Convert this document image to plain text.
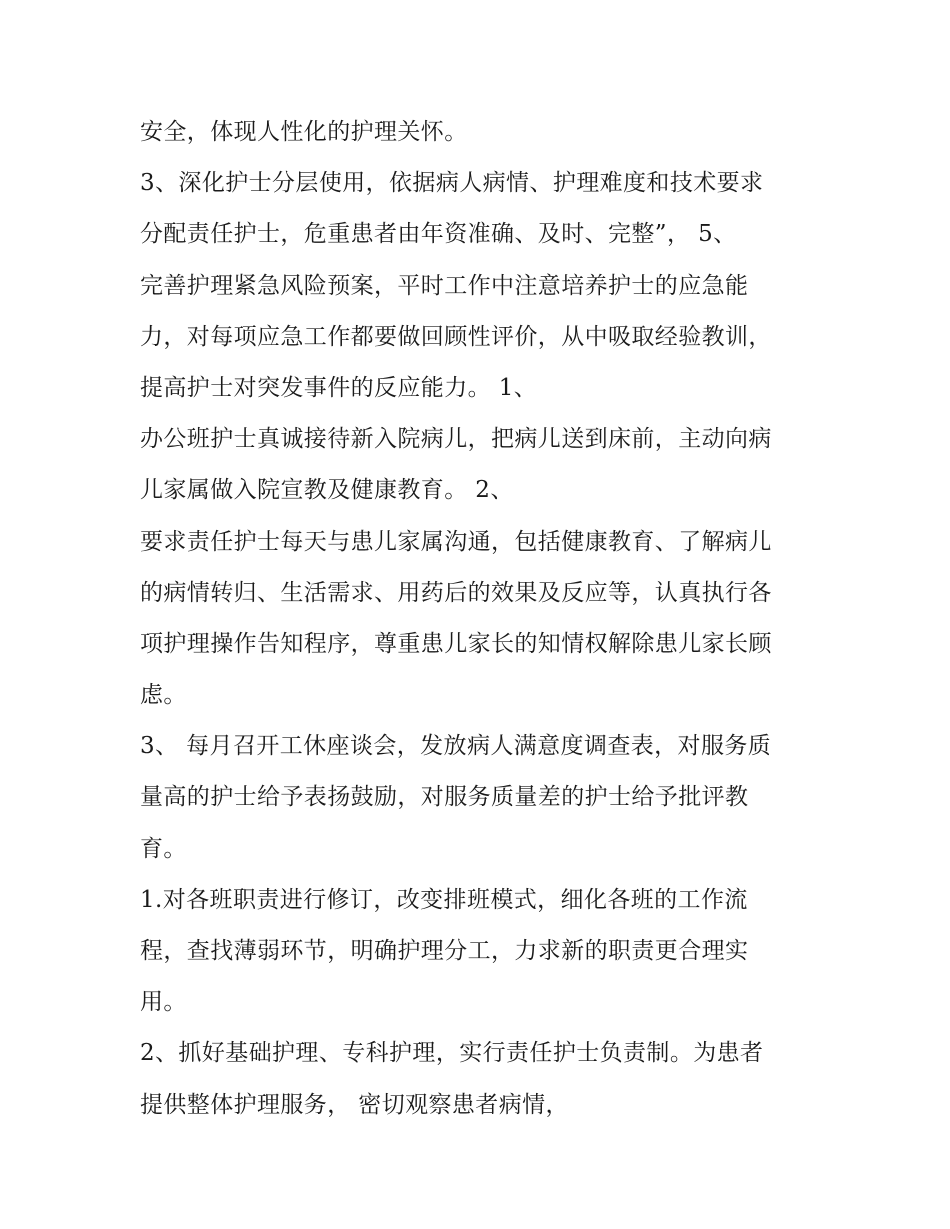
安全，体现人性化的护理关怀。
3、深化护士分层使用，依据病人病情、护理难度和技术要求
分配责任护士，危重患者由年资准确、及时、完整”， 5、
完善护理紧急风险预案，平时工作中注意培养护士的应急能
力，对每项应急工作都要做回顾性评价，从中吸取经验教训，
提高护士对突发事件的反应能力。 1、
办公班护士真诚接待新入院病儿，把病儿送到床前，主动向病
儿家属做入院宣教及健康教育。 2、
要求责任护士每天与患儿家属沟通，包括健康教育、了解病儿
的病情转归、生活需求、用药后的效果及反应等，认真执行各
项护理操作告知程序，尊重患儿家长的知情权解除患儿家长顾
虑。
3、 每月召开工休座谈会，发放病人满意度调查表，对服务质
量高的护士给予表扬鼓励，对服务质量差的护士给予批评教
育。
1.对各班职责进行修订，改变排班模式，细化各班的工作流
程，查找薄弱环节，明确护理分工，力求新的职责更合理实
用。
2、抓好基础护理、专科护理，实行责任护士负责制。为患者
提供整体护理服务， 密切观察患者病情，
